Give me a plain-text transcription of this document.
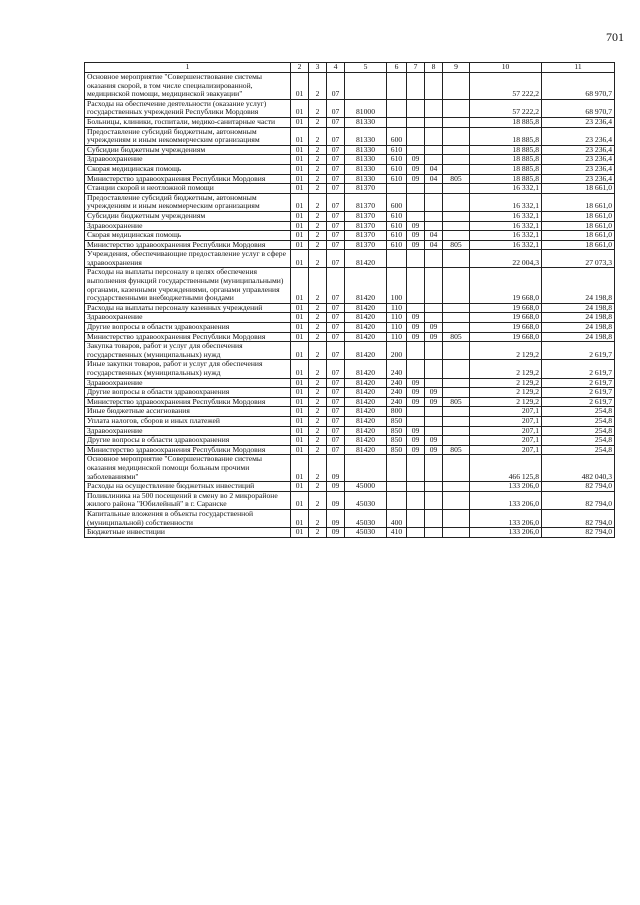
701
1	2	3	4	5	6	7	8	9	10	11
Основное мероприятие "Совершенствование системы оказания скорой, в том числе специализированной, медицинской помощи, медицинской эвакуации"	01	2	07						57 222,2	68 970,7
Расходы на обеспечение деятельности (оказание услуг) государственных учреждений Республики Мордовия	01	2	07	81000					57 222,2	68 970,7
Больницы, клиники, госпитали, медико-санитарные части	01	2	07	81330					18 885,8	23 236,4
Предоставление субсидий бюджетным, автономным учреждениям и иным некоммерческим организациям	01	2	07	81330	600				18 885,8	23 236,4
Субсидии бюджетным учреждениям	01	2	07	81330	610				18 885,8	23 236,4
Здравоохранение	01	2	07	81330	610	09			18 885,8	23 236,4
Скорая медицинская помощь	01	2	07	81330	610	09	04		18 885,8	23 236,4
Министерство здравоохранения Республики Мордовия	01	2	07	81330	610	09	04	805	18 885,8	23 236,4
Станции скорой и неотложной помощи	01	2	07	81370					16 332,1	18 661,0
Предоставление субсидий бюджетным, автономным учреждениям и иным некоммерческим организациям	01	2	07	81370	600				16 332,1	18 661,0
Субсидии бюджетным учреждениям	01	2	07	81370	610				16 332,1	18 661,0
Здравоохранение	01	2	07	81370	610	09			16 332,1	18 661,0
Скорая медицинская помощь	01	2	07	81370	610	09	04		16 332,1	18 661,0
Министерство здравоохранения Республики Мордовия	01	2	07	81370	610	09	04	805	16 332,1	18 661,0
Учреждения, обеспечивающие предоставление услуг в сфере здравоохранения	01	2	07	81420					22 004,3	27 073,3
Расходы на выплаты персоналу в целях обеспечения выполнения функций государственными (муниципальными) органами, казенными учреждениями, органами управления государственными внебюджетными фондами	01	2	07	81420	100				19 668,0	24 198,8
Расходы на выплаты персоналу казенных учреждений	01	2	07	81420	110				19 668,0	24 198,8
Здравоохранение	01	2	07	81420	110	09			19 668,0	24 198,8
Другие вопросы в области здравоохранения	01	2	07	81420	110	09	09		19 668,0	24 198,8
Министерство здравоохранения Республики Мордовия	01	2	07	81420	110	09	09	805	19 668,0	24 198,8
Закупка товаров, работ и услуг для обеспечения государственных (муниципальных) нужд	01	2	07	81420	200				2 129,2	2 619,7
Иные закупки товаров, работ и услуг для обеспечения государственных (муниципальных) нужд	01	2	07	81420	240				2 129,2	2 619,7
Здравоохранение	01	2	07	81420	240	09			2 129,2	2 619,7
Другие вопросы в области здравоохранения	01	2	07	81420	240	09	09		2 129,2	2 619,7
Министерство здравоохранения Республики Мордовия	01	2	07	81420	240	09	09	805	2 129,2	2 619,7
Иные бюджетные ассигнования	01	2	07	81420	800				207,1	254,8
Уплата налогов, сборов и иных платежей	01	2	07	81420	850				207,1	254,8
Здравоохранение	01	2	07	81420	850	09			207,1	254,8
Другие вопросы в области здравоохранения	01	2	07	81420	850	09	09		207,1	254,8
Министерство здравоохранения Республики Мордовия	01	2	07	81420	850	09	09	805	207,1	254,8
Основное мероприятие "Совершенствование системы оказания медицинской помощи больным прочими заболеваниями"	01	2	09						466 125,8	482 040,3
Расходы на осуществление бюджетных инвестиций	01	2	09	45000					133 206,0	82 794,0
Поликлиника на 500 посещений в смену во 2 микрорайоне жилого района "Юбилейный" в г. Саранске	01	2	09	45030					133 206,0	82 794,0
Капитальные вложения в объекты государственной (муниципальной) собственности	01	2	09	45030	400				133 206,0	82 794,0
Бюджетные инвестиции	01	2	09	45030	410				133 206,0	82 794,0
